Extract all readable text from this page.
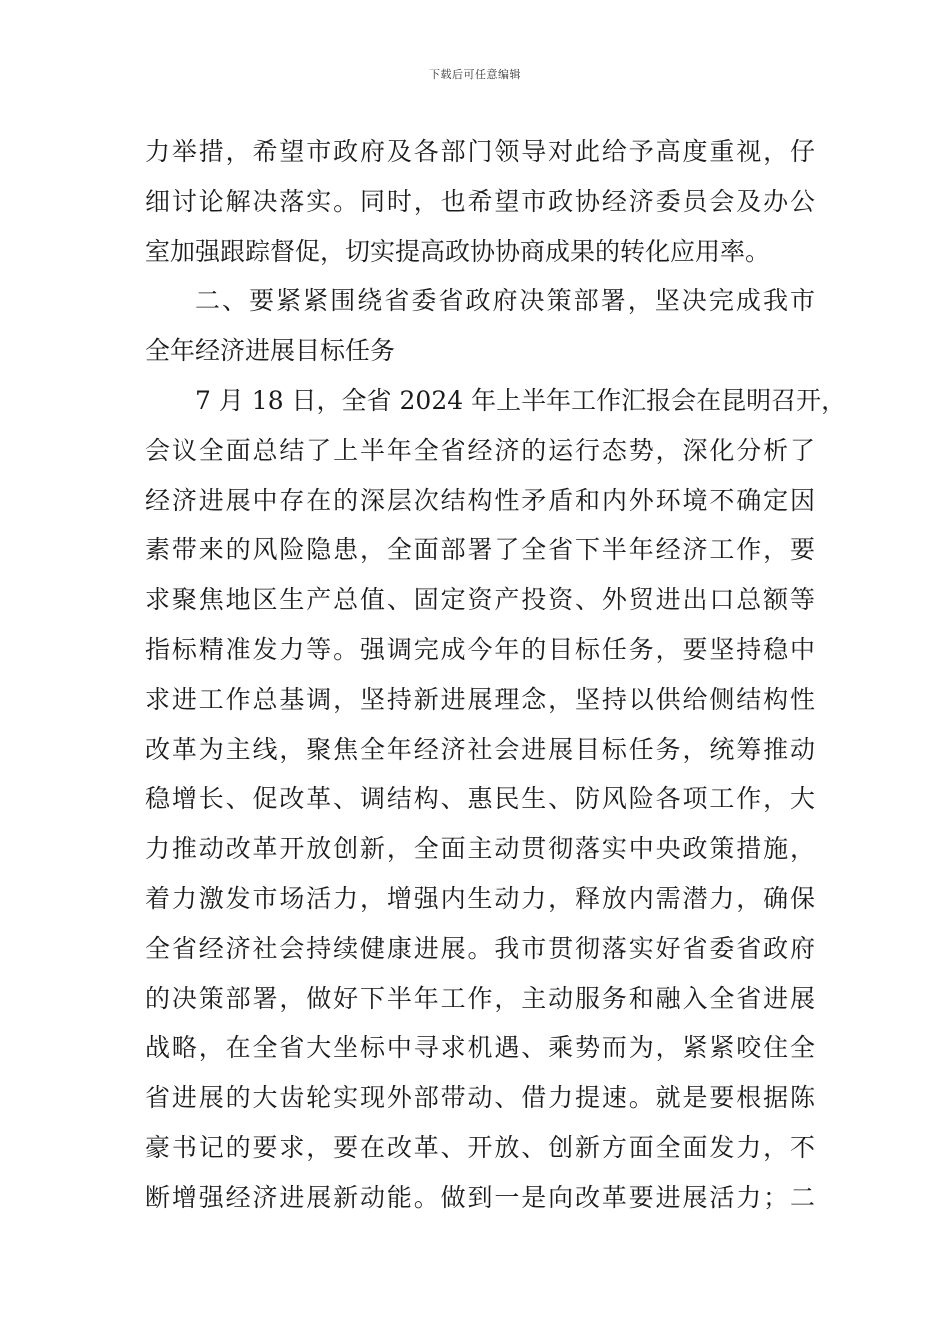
下载后可任意编辑
力举措，希望市政府及各部门领导对此给予高度重视，仔
细讨论解决落实。同时，也希望市政协经济委员会及办公
室加强跟踪督促，切实提高政协协商成果的转化应用率。
二、要紧紧围绕省委省政府决策部署，坚决完成我市
全年经济进展目标任务
7 月 18 日，全省 2024 年上半年工作汇报会在昆明召开，
会议全面总结了上半年全省经济的运行态势，深化分析了
经济进展中存在的深层次结构性矛盾和内外环境不确定因
素带来的风险隐患，全面部署了全省下半年经济工作，要
求聚焦地区生产总值、固定资产投资、外贸进出口总额等
指标精准发力等。强调完成今年的目标任务，要坚持稳中
求进工作总基调，坚持新进展理念，坚持以供给侧结构性
改革为主线，聚焦全年经济社会进展目标任务，统筹推动
稳增长、促改革、调结构、惠民生、防风险各项工作，大
力推动改革开放创新，全面主动贯彻落实中央政策措施，
着力激发市场活力，增强内生动力，释放内需潜力，确保
全省经济社会持续健康进展。我市贯彻落实好省委省政府
的决策部署，做好下半年工作，主动服务和融入全省进展
战略，在全省大坐标中寻求机遇、乘势而为，紧紧咬住全
省进展的大齿轮实现外部带动、借力提速。就是要根据陈
豪书记的要求，要在改革、开放、创新方面全面发力，不
断增强经济进展新动能。做到一是向改革要进展活力；二
